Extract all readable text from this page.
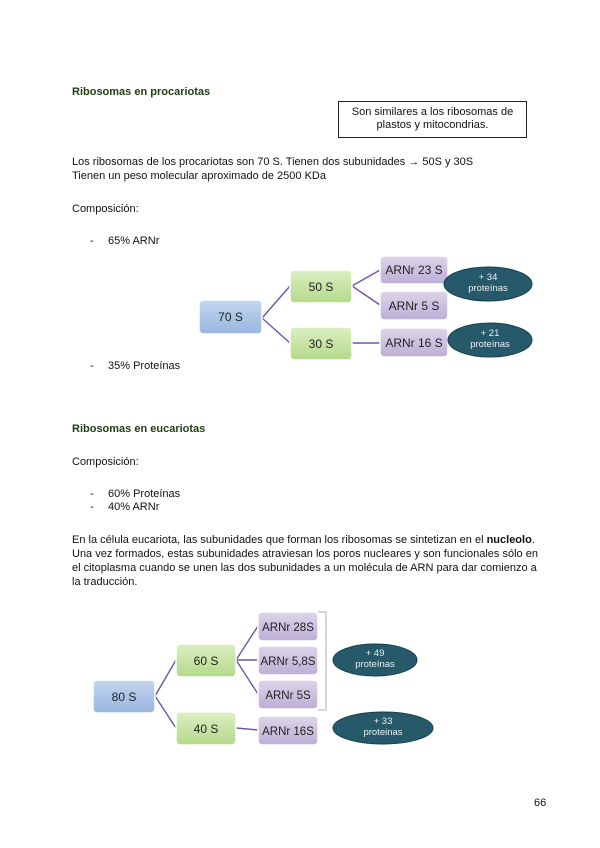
Ribosomas en procariotas
Son similares a los ribosomas de
plastos y mitocondrias.
Los ribosomas de los procariotas son 70 S. Tienen dos subunidades → 50S y 30S
Tienen un peso molecular aproximado de 2500 KDa
Composición:
- 65% ARNr
- 35% Proteínas
70 S
50 S
30 S
ARNr 23 S
ARNr 5 S
ARNr 16 S
+ 34
proteínas
+ 21
proteínas
80 S
60 S
40 S
ARNr 28S
ARNr 5,8S
ARNr 5S
ARNr 16S
+ 49
proteínas
+ 33
proteinas
Ribosomas en eucariotas
Composición:
- 60% Proteínas
- 40% ARNr
En la célula eucariota, las subunidades que forman los ribosomas se sintetizan en el nucleolo.
Una vez formados, estas subunidades atraviesan los poros nucleares y son funcionales sólo en
el citoplasma cuando se unen las dos subunidades a un molécula de ARN para dar comienzo a
la traducción.
66
